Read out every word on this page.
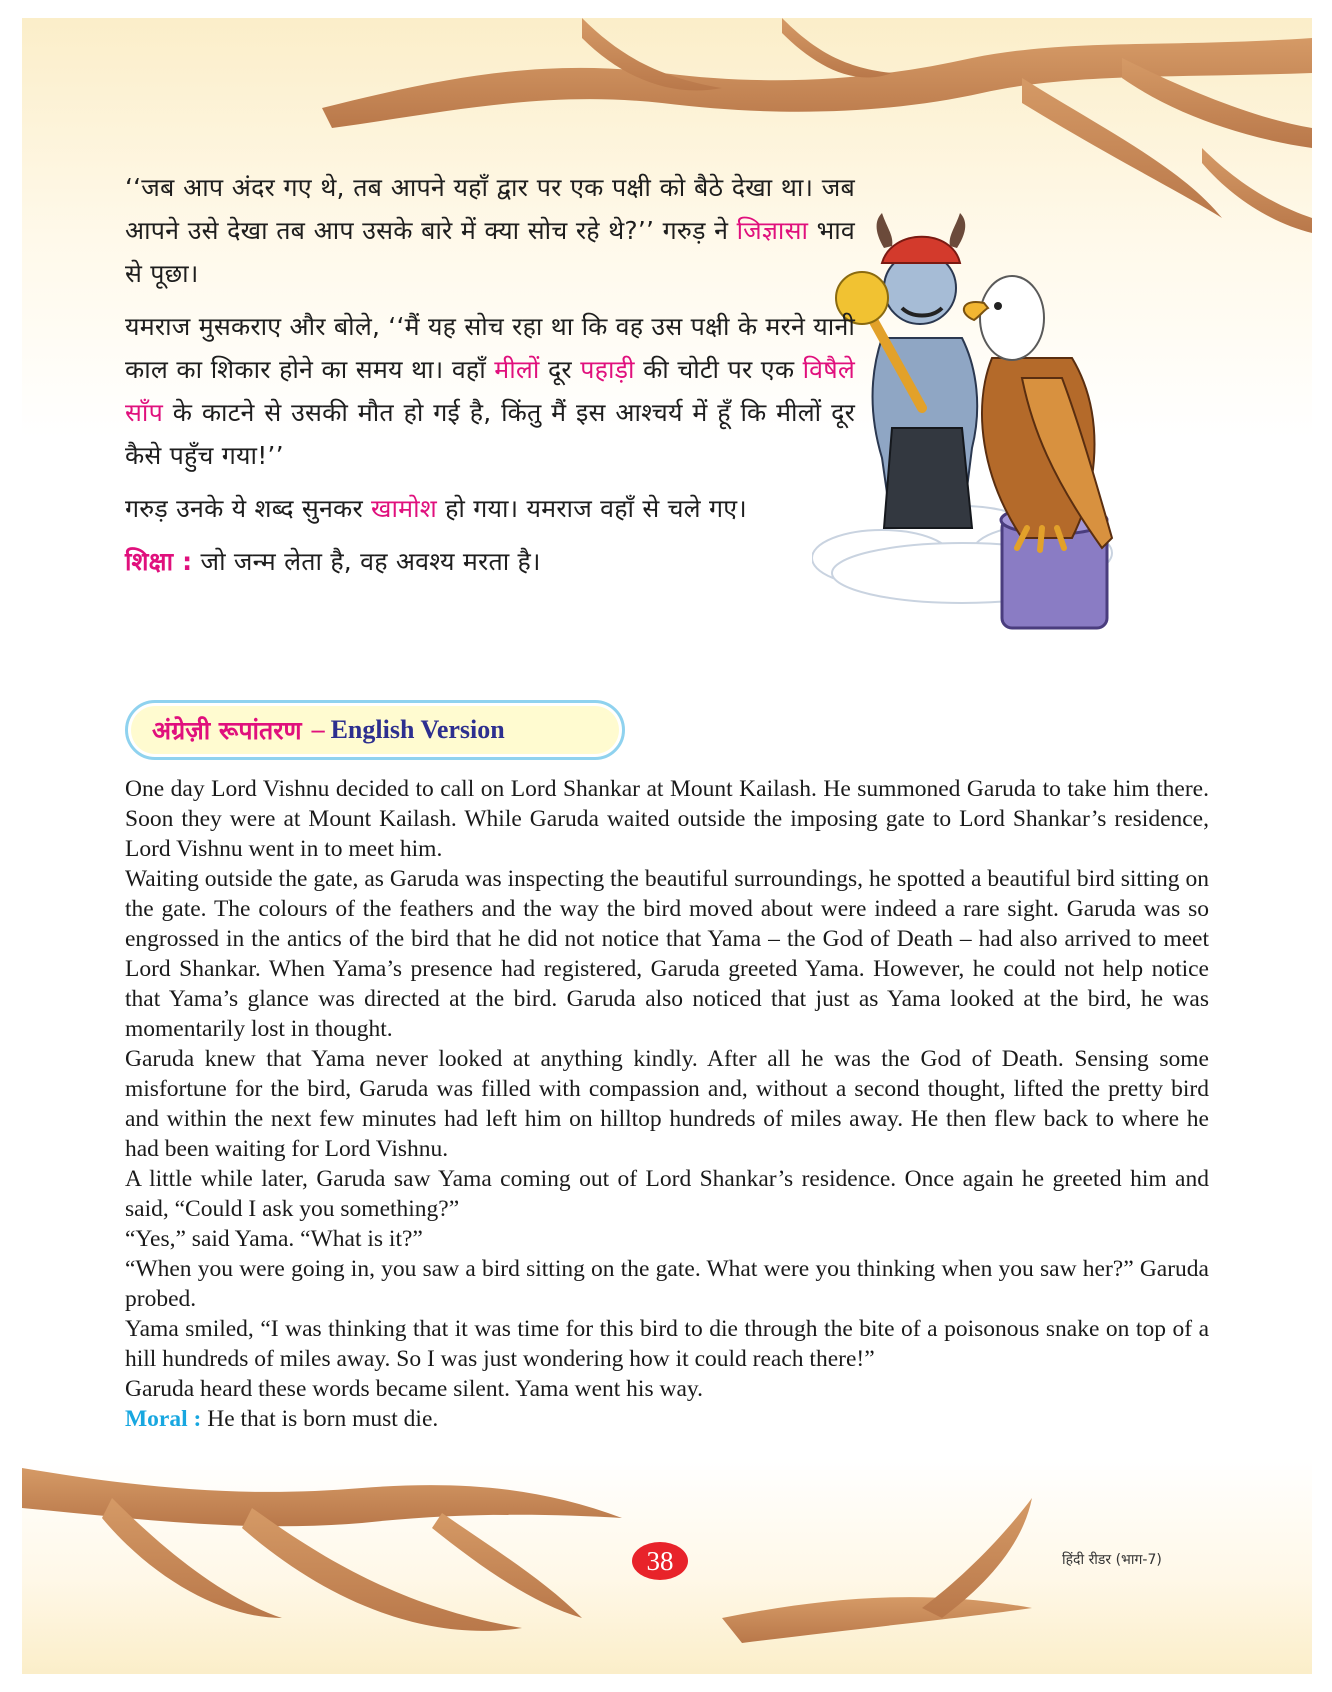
‘‘जब आप अंदर गए थे, तब आपने यहाँ द्वार पर एक पक्षी को बैठे देखा था। जब आपने उसे देखा तब आप उसके बारे में क्या सोच रहे थे?’’ गरुड़ ने जिज्ञासा भाव से पूछा।

यमराज मुसकराए और बोले, ‘‘मैं यह सोच रहा था कि वह उस पक्षी के मरने यानी काल का शिकार होने का समय था। वहाँ मीलों दूर पहाड़ी की चोटी पर एक विषैले साँप के काटने से उसकी मौत हो गई है, किंतु मैं इस आश्चर्य में हूँ कि मीलों दूर कैसे पहुँच गया!’’

गरुड़ उनके ये शब्द सुनकर खामोश हो गया। यमराज वहाँ से चले गए।

शिक्षा : जो जन्म लेता है, वह अवश्य मरता है।

अंग्रेज़ी रूपांतरण – English Version

One day Lord Vishnu decided to call on Lord Shankar at Mount Kailash. He summoned Garuda to take him there. Soon they were at Mount Kailash. While Garuda waited outside the imposing gate to Lord Shankar’s residence, Lord Vishnu went in to meet him.

Waiting outside the gate, as Garuda was inspecting the beautiful surroundings, he spotted a beautiful bird sitting on the gate. The colours of the feathers and the way the bird moved about were indeed a rare sight. Garuda was so engrossed in the antics of the bird that he did not notice that Yama – the God of Death – had also arrived to meet Lord Shankar. When Yama’s presence had registered, Garuda greeted Yama. However, he could not help notice that Yama’s glance was directed at the bird. Garuda also noticed that just as Yama looked at the bird, he was momentarily lost in thought.

Garuda knew that Yama never looked at anything kindly. After all he was the God of Death. Sensing some misfortune for the bird, Garuda was filled with compassion and, without a second thought, lifted the pretty bird and within the next few minutes had left him on hilltop hundreds of miles away. He then flew back to where he had been waiting for Lord Vishnu.

A little while later, Garuda saw Yama coming out of Lord Shankar’s residence. Once again he greeted him and said, “Could I ask you something?”

“Yes,” said Yama. “What is it?”

“When you were going in, you saw a bird sitting on the gate. What were you thinking when you saw her?” Garuda probed.

Yama smiled, “I was thinking that it was time for this bird to die through the bite of a poisonous snake on top of a hill hundreds of miles away. So I was just wondering how it could reach there!”

Garuda heard these words became silent. Yama went his way.

Moral : He that is born must die.

38	हिंदी रीडर (भाग-7)
